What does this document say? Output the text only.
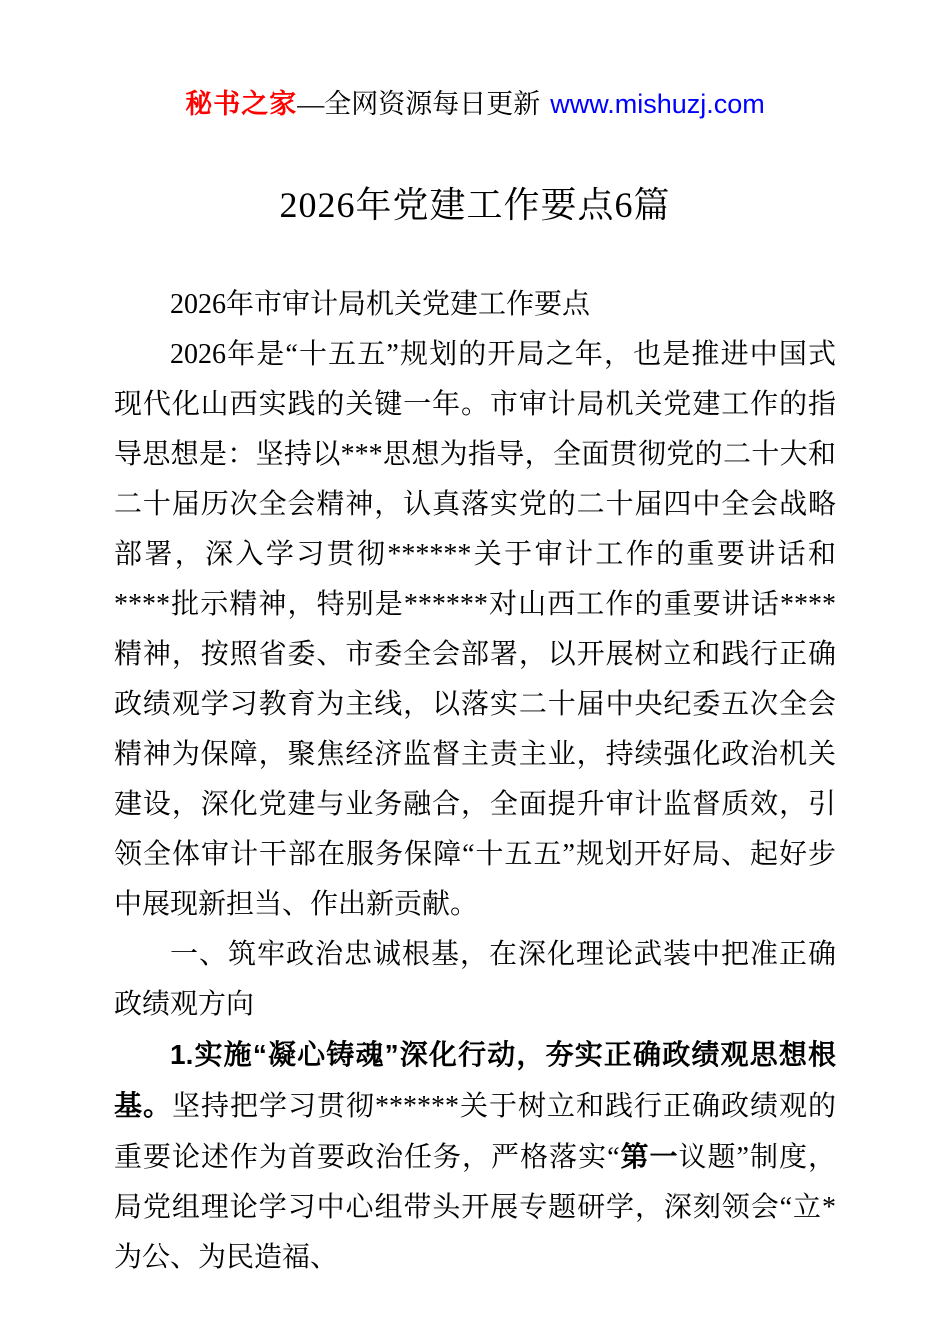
秘书之家—全网资源每日更新 www.mishuzj.com
2026年党建工作要点6篇

2026年市审计局机关党建工作要点

2026年是“十五五”规划的开局之年，也是推进中国式现代化山西实践的关键一年。市审计局机关党建工作的指导思想是：坚持以***思想为指导，全面贯彻党的二十大和二十届历次全会精神，认真落实党的二十届四中全会战略部署，深入学习贯彻******关于审计工作的重要讲话和****批示精神，特别是******对山西工作的重要讲话****精神，按照省委、市委全会部署，以开展树立和践行正确政绩观学习教育为主线，以落实二十届中央纪委五次全会精神为保障，聚焦经济监督主责主业，持续强化政治机关建设，深化党建与业务融合，全面提升审计监督质效，引领全体审计干部在服务保障“十五五”规划开好局、起好步中展现新担当、作出新贡献。

一、筑牢政治忠诚根基，在深化理论武装中把准正确政绩观方向

1.实施“凝心铸魂”深化行动，夯实正确政绩观思想根基。坚持把学习贯彻******关于树立和践行正确政绩观的重要论述作为首要政治任务，严格落实“第一议题”制度，局党组理论学习中心组带头开展专题研学，深刻领会“立*为公、为民造福、
